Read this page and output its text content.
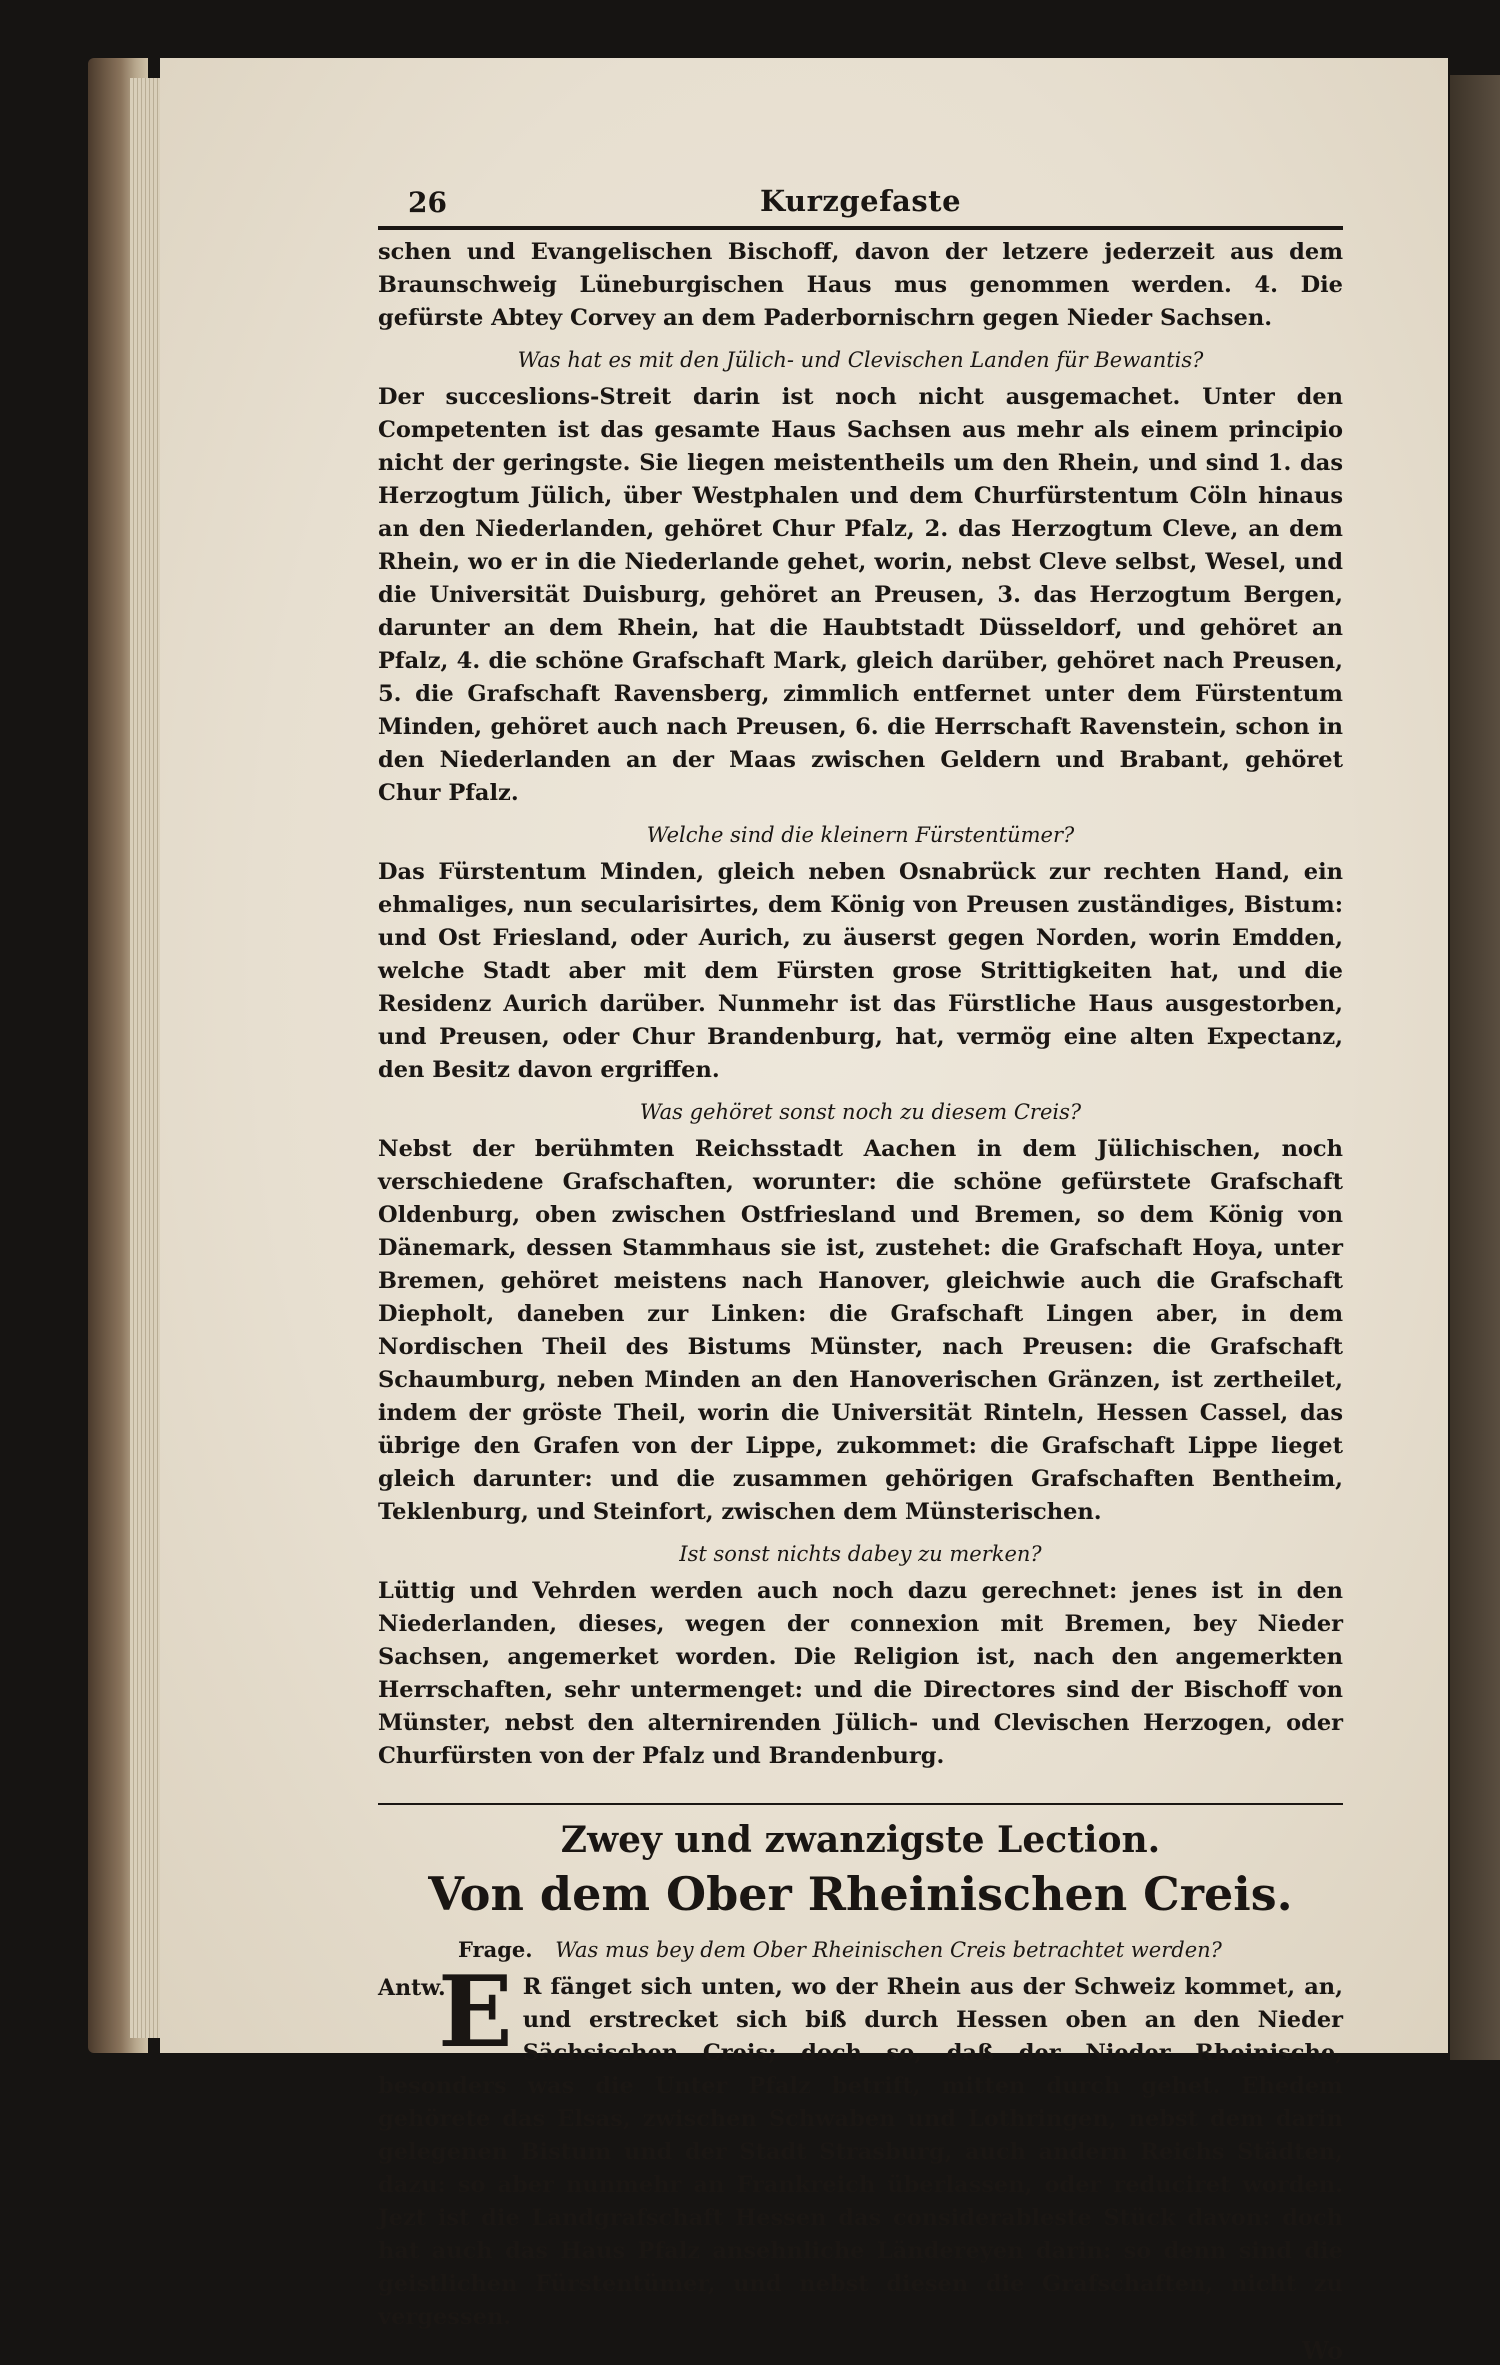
26	Kurzgefaste

schen und Evangelischen Bischoff, davon der letzere jederzeit aus dem Braunschweig Lüneburgischen Haus mus genommen werden. 4. Die gefürste Abtey Corvey an dem Paderbornischrn gegen Nieder Sachsen.

Was hat es mit den Jülich- und Clevischen Landen für Bewantis?

Der succeslions-Streit darin ist noch nicht ausgemachet. Unter den Competenten ist das gesamte Haus Sachsen aus mehr als einem principio nicht der geringste. Sie liegen meistentheils um den Rhein, und sind 1. das Herzogtum Jülich, über Westphalen und dem Churfürstentum Cöln hinaus an den Niederlanden, gehöret Chur Pfalz, 2. das Herzogtum Cleve, an dem Rhein, wo er in die Niederlande gehet, worin, nebst Cleve selbst, Wesel, und die Universität Duisburg, gehöret an Preusen, 3. das Herzogtum Bergen, darunter an dem Rhein, hat die Haubtstadt Düsseldorf, und gehöret an Pfalz, 4. die schöne Grafschaft Mark, gleich darüber, gehöret nach Preusen, 5. die Grafschaft Ravensberg, zimmlich entfernet unter dem Fürstentum Minden, gehöret auch nach Preusen, 6. die Herrschaft Ravenstein, schon in den Niederlanden an der Maas zwischen Geldern und Brabant, gehöret Chur Pfalz.

Welche sind die kleinern Fürstentümer?

Das Fürstentum Minden, gleich neben Osnabrück zur rechten Hand, ein ehmaliges, nun secularisirtes, dem König von Preusen zuständiges, Bistum: und Ost Friesland, oder Aurich, zu äuserst gegen Norden, worin Emdden, welche Stadt aber mit dem Fürsten grose Strittigkeiten hat, und die Residenz Aurich darüber. Nunmehr ist das Fürstliche Haus ausgestorben, und Preusen, oder Chur Brandenburg, hat, vermög eine alten Expectanz, den Besitz davon ergriffen.

Was gehöret sonst noch zu diesem Creis?

Nebst der berühmten Reichsstadt Aachen in dem Jülichischen, noch verschiedene Grafschaften, worunter: die schöne gefürstete Grafschaft Oldenburg, oben zwischen Ostfriesland und Bremen, so dem König von Dänemark, dessen Stammhaus sie ist, zustehet: die Grafschaft Hoya, unter Bremen, gehöret meistens nach Hanover, gleichwie auch die Grafschaft Diepholt, daneben zur Linken: die Grafschaft Lingen aber, in dem Nordischen Theil des Bistums Münster, nach Preusen: die Grafschaft Schaumburg, neben Minden an den Hanoverischen Gränzen, ist zertheilet, indem der gröste Theil, worin die Universität Rinteln, Hessen Cassel, das übrige den Grafen von der Lippe, zukommet: die Grafschaft Lippe lieget gleich darunter: und die zusammen gehörigen Grafschaften Bentheim, Teklenburg, und Steinfort, zwischen dem Münsterischen.

Ist sonst nichts dabey zu merken?

Lüttig und Vehrden werden auch noch dazu gerechnet: jenes ist in den Niederlanden, dieses, wegen der connexion mit Bremen, bey Nieder Sachsen, angemerket worden. Die Religion ist, nach den angemerkten Herrschaften, sehr untermenget: und die Directores sind der Bischoff von Münster, nebst den alternirenden Jülich- und Clevischen Herzogen, oder Churfürsten von der Pfalz und Brandenburg.

Zwey und zwanzigste Lection.
Von dem Ober Rheinischen Creis.
Frage. Was mus bey dem Ober Rheinischen Creis betrachtet werden?
Antw.
E R fänget sich unten, wo der Rhein aus der Schweiz kommet, an, und erstrecket sich biß durch Hessen oben an den Nieder Sächsischen Creis; doch so, daß der Nieder Rheinische, besonders was die Unter Pfalz betrift, mitten durch gehet. Ehedem gehörete das Elsas, zwischen Schwaben und Lothringen, nebst dem darin gelegenen Bistum und der Stadt Strasburg, auch andern Reichs Städten, dazu: so aber nunmehr an Frankreich überlassen, oder reduciret worden. Jezt ist die Landgrafschaft Hessen das considerableste Stück davon: doch hat auch das Haus Pfalz ansehnliche Ländereyen darin: so denn sind die geistlichen Fürstentümer, und nebst diesen die Grafschaften, nicht zu vergessen.

Wo
